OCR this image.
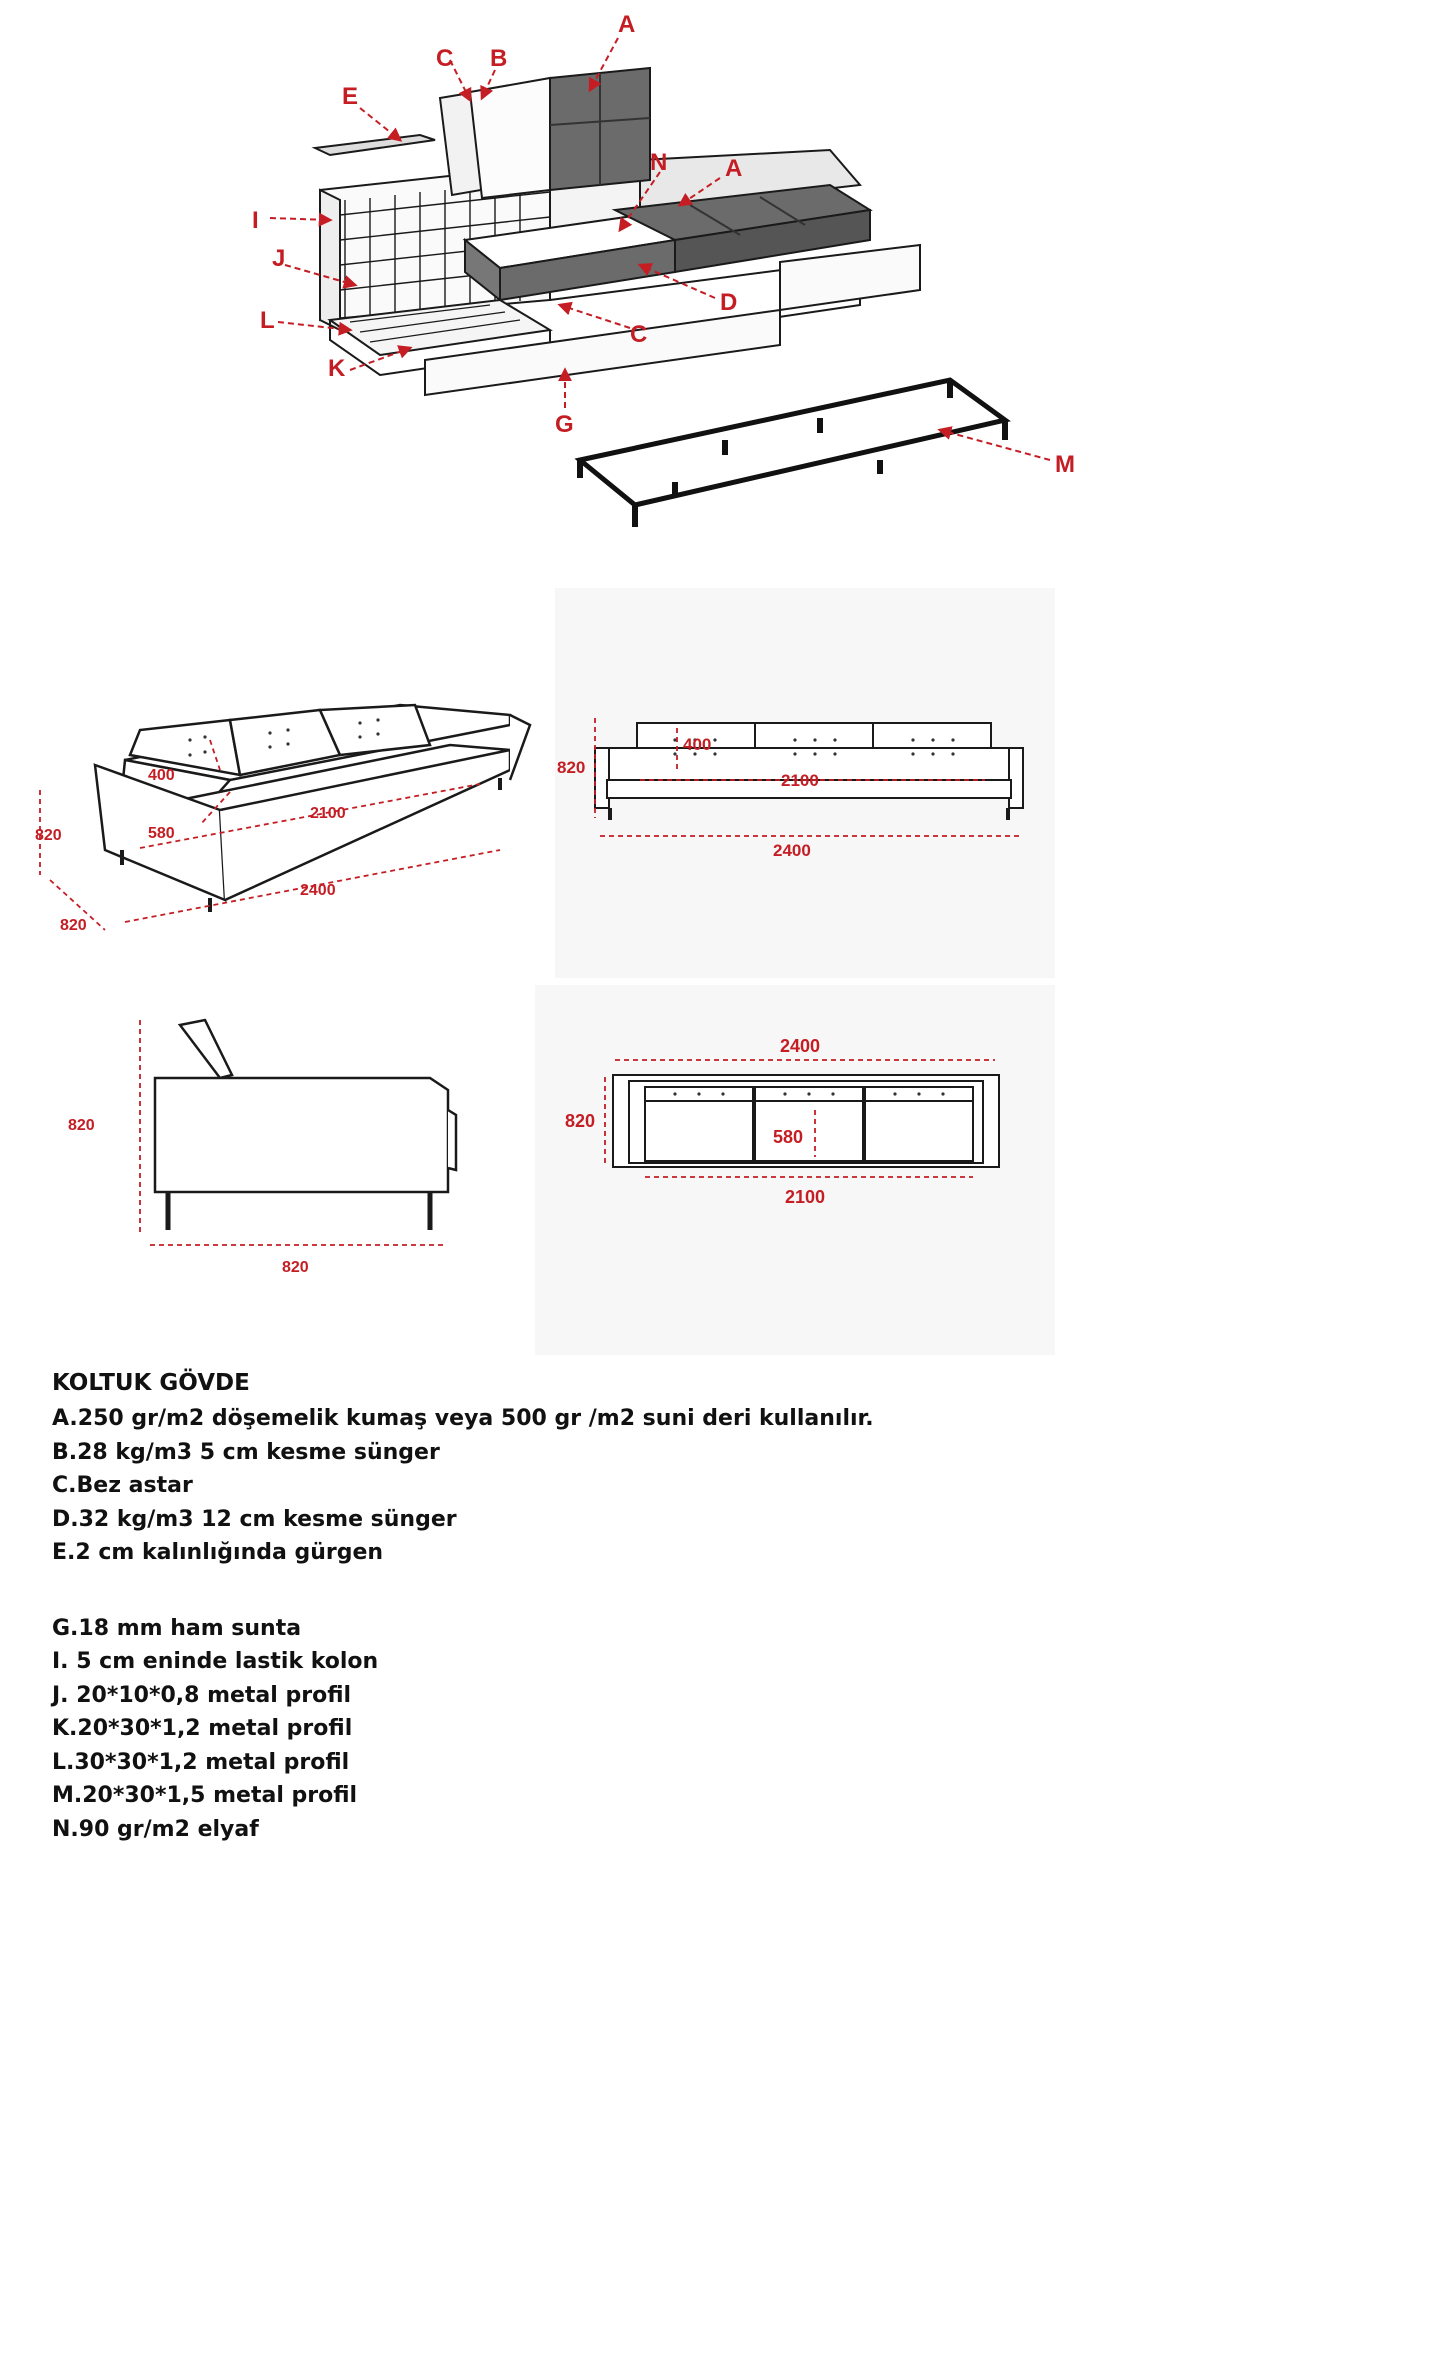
A
B
C
E
N A
I
J
D
L
C
K
G
M
820
820
2400
2100
580
400	820
400
2100
2400
820
820
2400
820
580
2100
KOLTUK GÖVDE
A.250 gr/m2 döşemelik kumaş veya 500 gr /m2 suni deri kullanılır.
B.28 kg/m3 5 cm kesme sünger
C.Bez astar
D.32 kg/m3 12 cm kesme sünger
E.2 cm kalınlığında gürgen
G.18 mm ham sunta
I. 5 cm eninde lastik kolon
J. 20*10*0,8 metal profil
K.20*30*1,2 metal profil
L.30*30*1,2 metal profil
M.20*30*1,5 metal profil
N.90 gr/m2 elyaf
